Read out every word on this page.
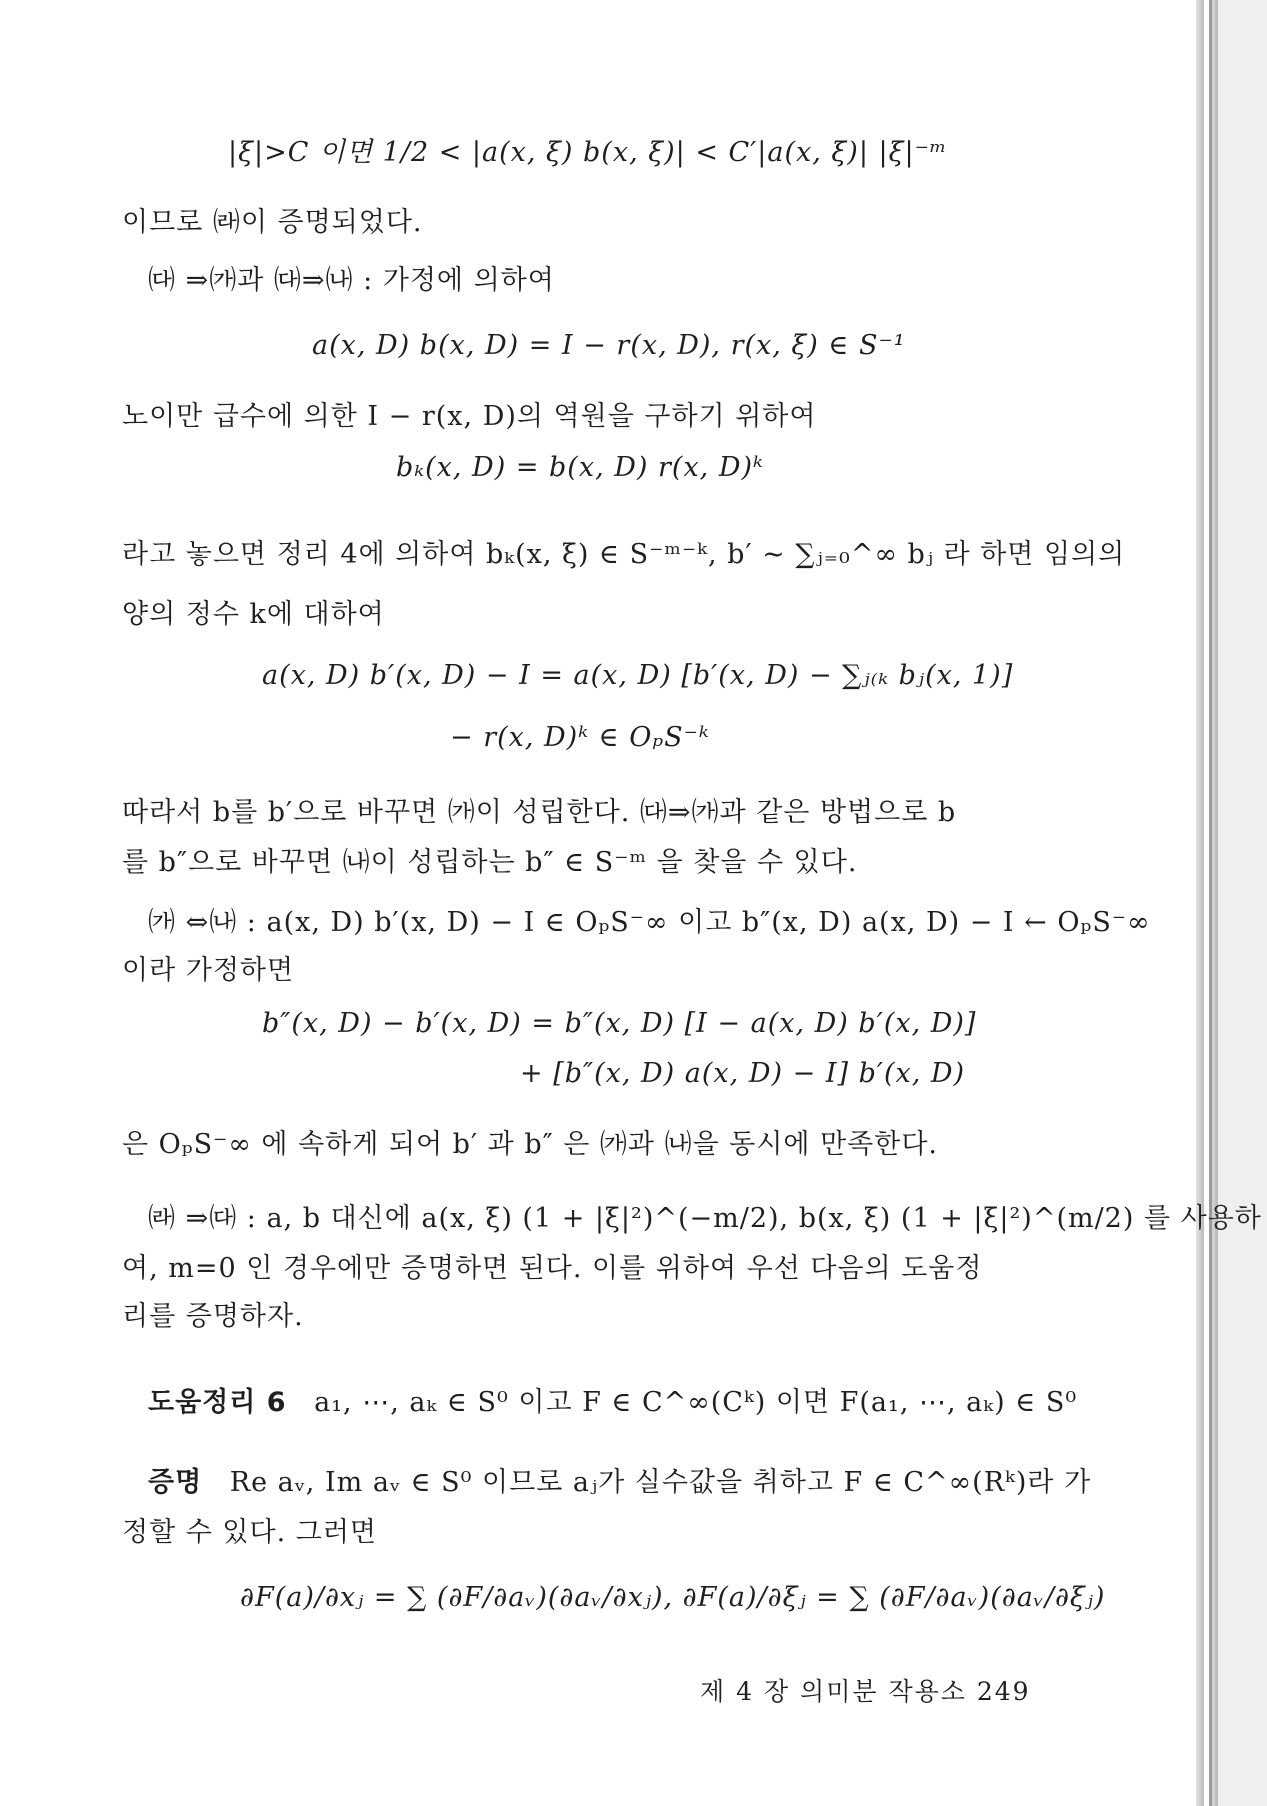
|ξ|>C 이면 1/2 < |a(x, ξ) b(x, ξ)| < C′|a(x, ξ)| |ξ|⁻ᵐ
이므로 ㈑이 증명되었다.
㈐ ⇒㈎과 ㈐⇒㈏ : 가정에 의하여
a(x, D) b(x, D) = I − r(x, D), r(x, ξ) ∈ S⁻¹
노이만 급수에 의한 I − r(x, D)의 역원을 구하기 위하여
bₖ(x, D) = b(x, D) r(x, D)ᵏ
라고 놓으면 정리 4에 의하여 bₖ(x, ξ) ∈ S⁻ᵐ⁻ᵏ, b′ ∼ ∑ⱼ₌₀^∞ bⱼ 라 하면 임의의
양의 정수 k에 대하여
a(x, D) b′(x, D) − I = a(x, D) [b′(x, D) − ∑ⱼ₍ₖ bⱼ(x, 1)]
− r(x, D)ᵏ ∈ OₚS⁻ᵏ
따라서 b를 b′으로 바꾸면 ㈎이 성립한다. ㈐⇒㈎과 같은 방법으로 b
를 b″으로 바꾸면 ㈏이 성립하는 b″ ∈ S⁻ᵐ 을 찾을 수 있다.
㈎ ⇔㈏ : a(x, D) b′(x, D) − I ∈ OₚS⁻∞ 이고 b″(x, D) a(x, D) − I ← OₚS⁻∞
이라 가정하면
b″(x, D) − b′(x, D) = b″(x, D) [I − a(x, D) b′(x, D)]
+ [b″(x, D) a(x, D) − I] b′(x, D)
은 OₚS⁻∞ 에 속하게 되어 b′ 과 b″ 은 ㈎과 ㈏을 동시에 만족한다.
㈑ ⇒㈐ : a, b 대신에 a(x, ξ) (1 + |ξ|²)^(−m/2), b(x, ξ) (1 + |ξ|²)^(m/2) 를 사용하
여, m=0 인 경우에만 증명하면 된다. 이를 위하여 우선 다음의 도움정
리를 증명하자.
도움정리 6 a₁, ⋯, aₖ ∈ S⁰ 이고 F ∈ C^∞(Cᵏ) 이면 F(a₁, ⋯, aₖ) ∈ S⁰
증명 Re aᵥ, Im aᵥ ∈ S⁰ 이므로 aⱼ가 실수값을 취하고 F ∈ C^∞(Rᵏ)라 가
정할 수 있다. 그러면
∂F(a)/∂xⱼ = ∑ (∂F/∂aᵥ)(∂aᵥ/∂xⱼ), ∂F(a)/∂ξⱼ = ∑ (∂F/∂aᵥ)(∂aᵥ/∂ξⱼ)
제 4 장 의미분 작용소 249
